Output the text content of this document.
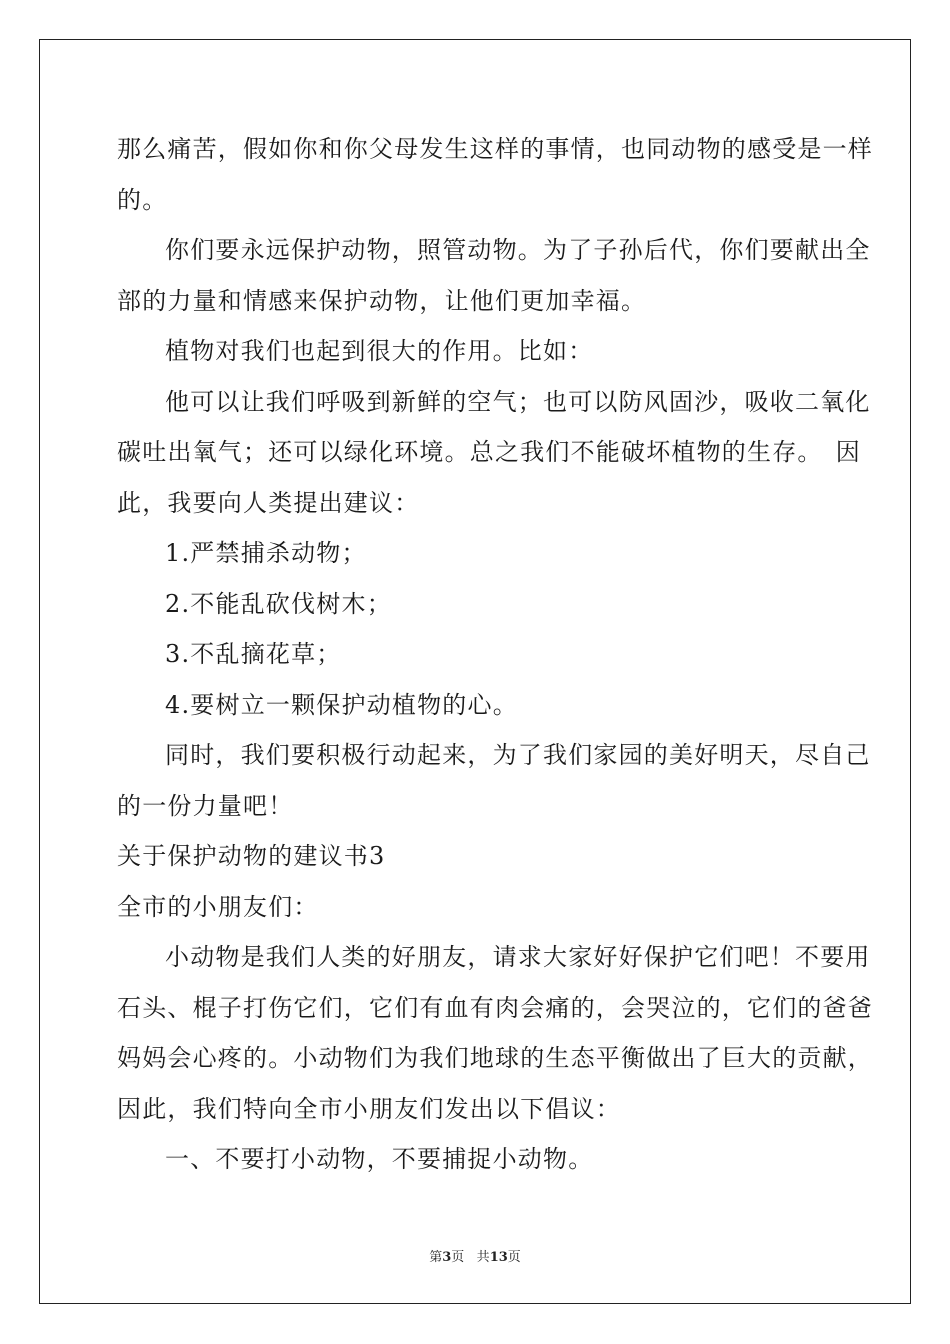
那么痛苦，假如你和你父母发生这样的事情，也同动物的感受是一样
的。
你们要永远保护动物，照管动物。为了子孙后代，你们要献出全
部的力量和情感来保护动物，让他们更加幸福。
植物对我们也起到很大的作用。比如：
他可以让我们呼吸到新鲜的空气；也可以防风固沙，吸收二氧化
碳吐出氧气；还可以绿化环境。总之我们不能破坏植物的生存。　因
此，我要向人类提出建议：
1.严禁捕杀动物；
2.不能乱砍伐树木；
3.不乱摘花草；
4.要树立一颗保护动植物的心。
同时，我们要积极行动起来，为了我们家园的美好明天，尽自己
的一份力量吧！
关于保护动物的建议书3
全市的小朋友们：
小动物是我们人类的好朋友，请求大家好好保护它们吧！不要用
石头、棍子打伤它们，它们有血有肉会痛的，会哭泣的，它们的爸爸
妈妈会心疼的。小动物们为我们地球的生态平衡做出了巨大的贡献，
因此，我们特向全市小朋友们发出以下倡议：
一、不要打小动物，不要捕捉小动物。
第3页 共13页
